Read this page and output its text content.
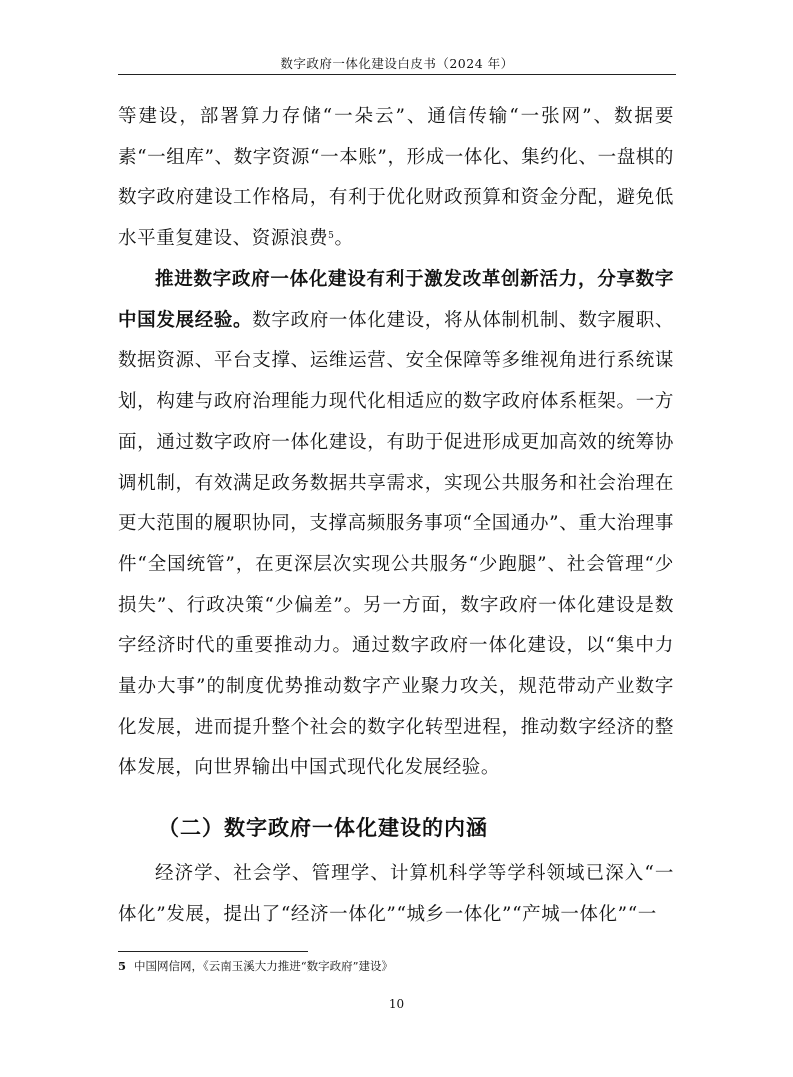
数字政府一体化建设白皮书（2024 年）

等建设，部署算力存储“一朵云”、通信传输“一张网”、数据要素“一组库”、数字资源“一本账”，形成一体化、集约化、一盘棋的数字政府建设工作格局，有利于优化财政预算和资金分配，避免低水平重复建设、资源浪费$^5$。

推进数字政府一体化建设有利于激发改革创新活力，分享数字中国发展经验。数字政府一体化建设，将从体制机制、数字履职、数据资源、平台支撑、运维运营、安全保障等多维视角进行系统谋划，构建与政府治理能力现代化相适应的数字政府体系框架。一方面，通过数字政府一体化建设，有助于促进形成更加高效的统筹协调机制，有效满足政务数据共享需求，实现公共服务和社会治理在更大范围的履职协同，支撑高频服务事项“全国通办”、重大治理事件“全国统管”，在更深层次实现公共服务“少跑腿”、社会管理“少损失”、行政决策“少偏差”。另一方面，数字政府一体化建设是数字经济时代的重要推动力。通过数字政府一体化建设，以“集中力量办大事”的制度优势推动数字产业聚力攻关，规范带动产业数字化发展，进而提升整个社会的数字化转型进程，推动数字经济的整体发展，向世界输出中国式现代化发展经验。

（二）数字政府一体化建设的内涵

经济学、社会学、管理学、计算机科学等学科领域已深入“一体化”发展，提出了“经济一体化”“城乡一体化”“产城一体化”“一

5 中国网信网，《云南玉溪大力推进“数字政府”建设》
10
